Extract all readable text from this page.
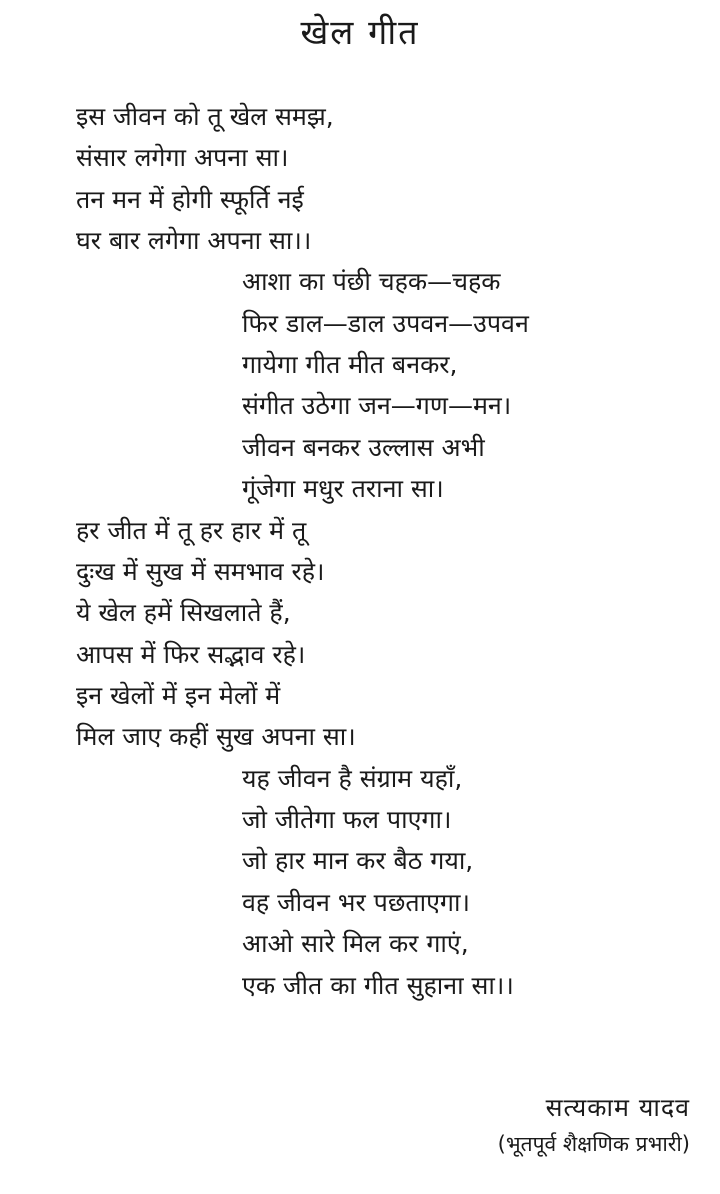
खेल गीत
इस जीवन को तू खेल समझ,
संसार लगेगा अपना सा।
तन मन में होगी स्फूर्ति नई
घर बार लगेगा अपना सा।।
आशा का पंछी चहक—चहक
फिर डाल—डाल उपवन—उपवन
गायेगा गीत मीत बनकर,
संगीत उठेगा जन—गण—मन।
जीवन बनकर उल्लास अभी
गूंजेगा मधुर तराना सा।
हर जीत में तू हर हार में तू
दुःख में सुख में समभाव रहे।
ये खेल हमें सिखलाते हैं,
आपस में फिर सद्भाव रहे।
इन खेलों में इन मेलों में
मिल जाए कहीं सुख अपना सा।
यह जीवन है संग्राम यहाँ,
जो जीतेगा फल पाएगा।
जो हार मान कर बैठ गया,
वह जीवन भर पछताएगा।
आओ सारे मिल कर गाएं,
एक जीत का गीत सुहाना सा।।
सत्यकाम यादव
(भूतपूर्व शैक्षणिक प्रभारी)
